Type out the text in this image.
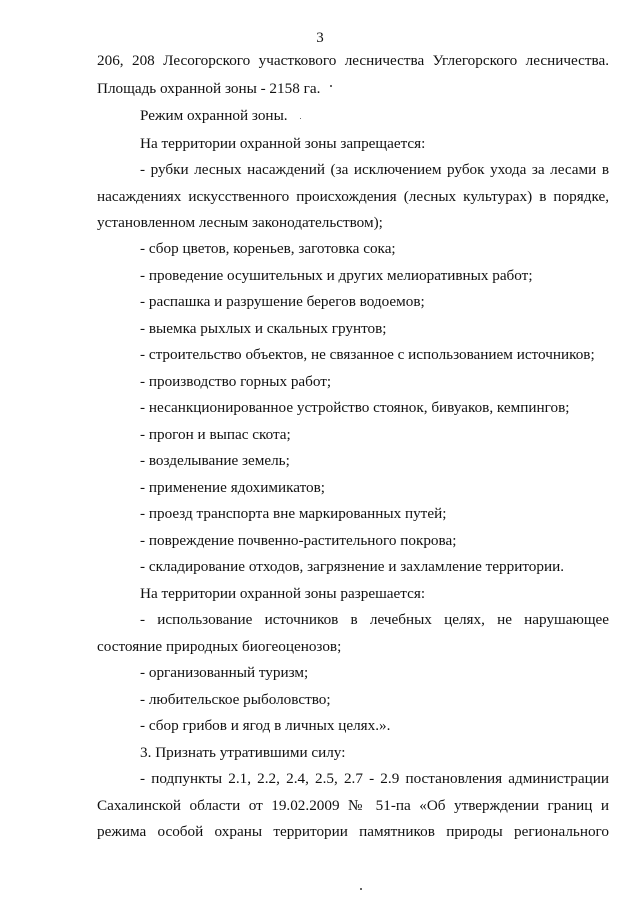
3
206, 208 Лесогорского участкового лесничества Углегорского лесничества.
Площадь охранной зоны - 2158 га.
Режим охранной зоны.
На территории охранной зоны запрещается:
- рубки лесных насаждений (за исключением рубок ухода за лесами в
насаждениях искусственного происхождения (лесных культурах) в порядке,
установленном лесным законодательством);
- сбор цветов, кореньев, заготовка сока;
- проведение осушительных и других мелиоративных работ;
- распашка и разрушение берегов водоемов;
- выемка рыхлых и скальных грунтов;
- строительство объектов, не связанное с использованием источников;
- производство горных работ;
- несанкционированное устройство стоянок, бивуаков, кемпингов;
- прогон и выпас скота;
- возделывание земель;
- применение ядохимикатов;
- проезд транспорта вне маркированных путей;
- повреждение почвенно-растительного покрова;
- складирование отходов, загрязнение и захламление территории.
На территории охранной зоны разрешается:
- использование источников в лечебных целях, не нарушающее
состояние природных биогеоценозов;
- организованный туризм;
- любительское рыболовство;
- сбор грибов и ягод в личных целях.».
3. Признать утратившими силу:
- подпункты 2.1, 2.2, 2.4, 2.5, 2.7 - 2.9 постановления администрации
Сахалинской области от 19.02.2009 № 51-па «Об утверждении границ и
режима особой охраны территории памятников природы регионального
